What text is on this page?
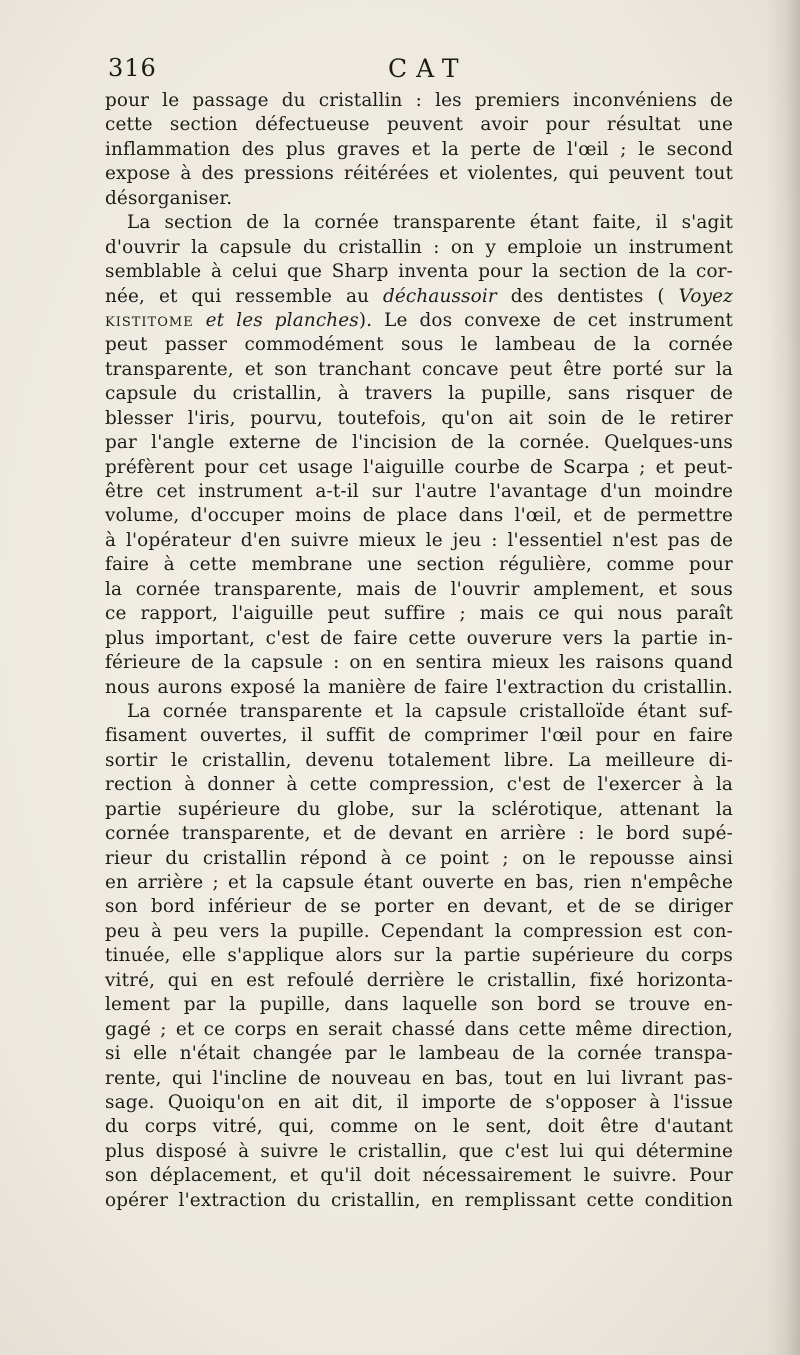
316	CAT
pour le passage du cristallin : les premiers inconvéniens de
cette section défectueuse peuvent avoir pour résultat une
inflammation des plus graves et la perte de l'œil ; le second
expose à des pressions réitérées et violentes, qui peuvent tout
désorganiser.
La section de la cornée transparente étant faite, il s'agit
d'ouvrir la capsule du cristallin : on y emploie un instrument
semblable à celui que Sharp inventa pour la section de la cor-
née, et qui ressemble au déchaussoir des dentistes ( Voyez
KISTITOME et les planches). Le dos convexe de cet instrument
peut passer commodément sous le lambeau de la cornée
transparente, et son tranchant concave peut être porté sur la
capsule du cristallin, à travers la pupille, sans risquer de
blesser l'iris, pourvu, toutefois, qu'on ait soin de le retirer
par l'angle externe de l'incision de la cornée. Quelques-uns
préfèrent pour cet usage l'aiguille courbe de Scarpa ; et peut-
être cet instrument a-t-il sur l'autre l'avantage d'un moindre
volume, d'occuper moins de place dans l'œil, et de permettre
à l'opérateur d'en suivre mieux le jeu : l'essentiel n'est pas de
faire à cette membrane une section régulière, comme pour
la cornée transparente, mais de l'ouvrir amplement, et sous
ce rapport, l'aiguille peut suffire ; mais ce qui nous paraît
plus important, c'est de faire cette ouverure vers la partie in-
férieure de la capsule : on en sentira mieux les raisons quand
nous aurons exposé la manière de faire l'extraction du cristallin.
La cornée transparente et la capsule cristalloïde étant suf-
fisament ouvertes, il suffit de comprimer l'œil pour en faire
sortir le cristallin, devenu totalement libre. La meilleure di-
rection à donner à cette compression, c'est de l'exercer à la
partie supérieure du globe, sur la sclérotique, attenant la
cornée transparente, et de devant en arrière : le bord supé-
rieur du cristallin répond à ce point ; on le repousse ainsi
en arrière ; et la capsule étant ouverte en bas, rien n'empêche
son bord inférieur de se porter en devant, et de se diriger
peu à peu vers la pupille. Cependant la compression est con-
tinuée, elle s'applique alors sur la partie supérieure du corps
vitré, qui en est refoulé derrière le cristallin, fixé horizonta-
lement par la pupille, dans laquelle son bord se trouve en-
gagé ; et ce corps en serait chassé dans cette même direction,
si elle n'était changée par le lambeau de la cornée transpa-
rente, qui l'incline de nouveau en bas, tout en lui livrant pas-
sage. Quoiqu'on en ait dit, il importe de s'opposer à l'issue
du corps vitré, qui, comme on le sent, doit être d'autant
plus disposé à suivre le cristallin, que c'est lui qui détermine
son déplacement, et qu'il doit nécessairement le suivre. Pour
opérer l'extraction du cristallin, en remplissant cette condition
